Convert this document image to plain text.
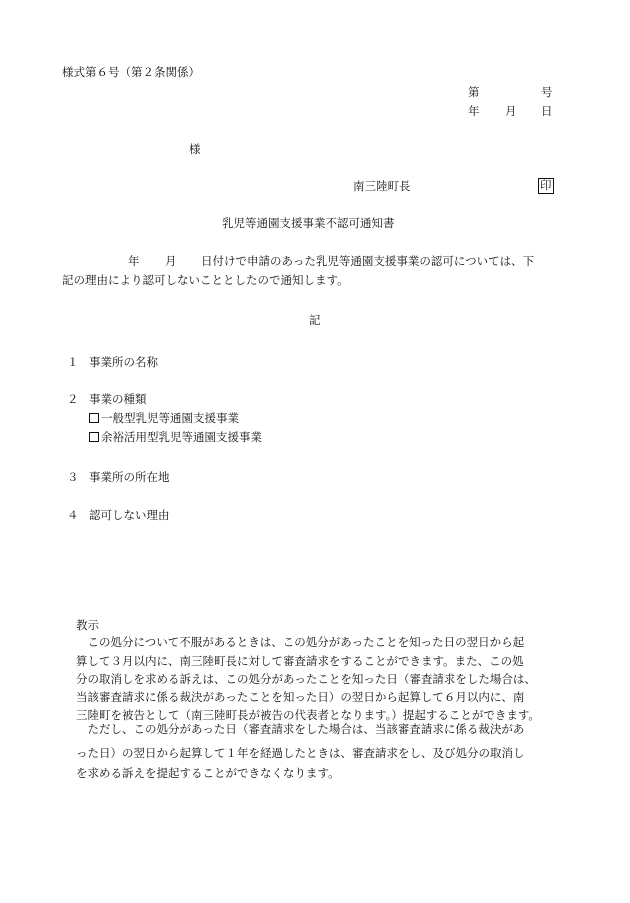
様式第６号（第２条関係）
第	号
年 月 日
様
南三陸町長	印
乳児等通園支援事業不認可通知書
年 月 日付けで申請のあった乳児等通園支援事業の認可については、下
記の理由により認可しないこととしたので通知します。
記
１ 事業所の名称
２ 事業の種類
一般型乳児等通園支援事業
余裕活用型乳児等通園支援事業
３ 事業所の所在地
４ 認可しない理由
教示
　この処分について不服があるときは、この処分があったことを知った日の翌日から起
算して３月以内に、南三陸町長に対して審査請求をすることができます。また、この処
分の取消しを求める訴えは、この処分があったことを知った日（審査請求をした場合は、
当該審査請求に係る裁決があったことを知った日）の翌日から起算して６月以内に、南
三陸町を被告として（南三陸町長が被告の代表者となります。）提起することができます。
　ただし、この処分があった日（審査請求をした場合は、当該審査請求に係る裁決があ
った日）の翌日から起算して１年を経過したときは、審査請求をし、及び処分の取消し
を求める訴えを提起することができなくなります。
